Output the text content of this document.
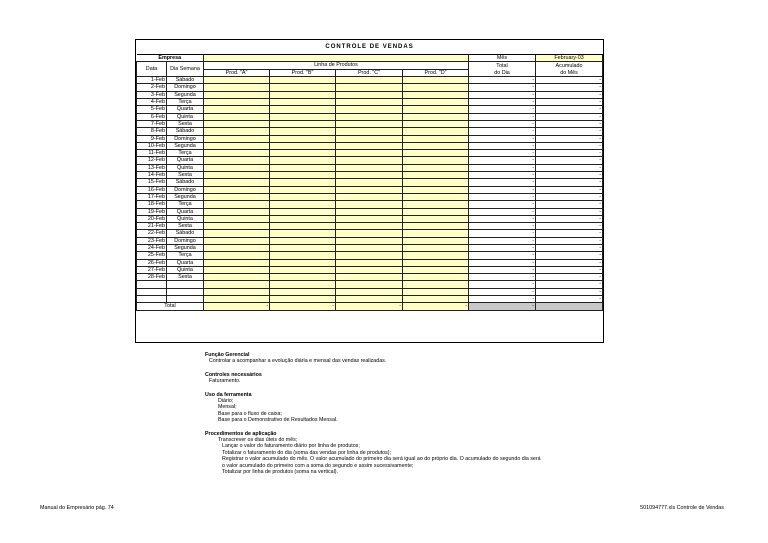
CONTROLE DE VENDAS							
Empresa						Mês	February-03
Data	Dia Semana	Linha de Produtos				Total	Acumulado
		Prod. "A"	Prod. "B"	Prod. "C"	Prod. "D"	do Dia	do Mês
1-Feb	Sábado					-	-
2-Feb	Domingo					-	-
3-Feb	Segunda					-	-
4-Feb	Terça					-	-
5-Feb	Quarta					-	-
6-Feb	Quinta					-	-
7-Feb	Sexta					-	-
8-Feb	Sábado					-	-
9-Feb	Domingo					-	-
10-Feb	Segunda					-	-
11-Feb	Terça					-	-
12-Feb	Quarta					-	-
13-Feb	Quinta					-	-
14-Feb	Sexta					-	-
15-Feb	Sábado					-	-
16-Feb	Domingo					-	-
17-Feb	Segunda					-	-
18-Feb	Terça					-	-
19-Feb	Quarta					-	-
20-Feb	Quinta					-	-
21-Feb	Sexta					-	-
22-Feb	Sábado					-	-
23-Feb	Domingo					-	-
24-Feb	Segunda					-	-
25-Feb	Terça					-	-
26-Feb	Quarta					-	-
27-Feb	Quinta					-	-
28-Feb	Sexta					-	-
						-	-
						-	-
						-	-
Total		-	-	-	-	-	
Função Gerencial
Controlar a acompanhar a evolução diária e mensal das vendas realizadas.
Controles necessários
Faturamento.
Uso da ferramenta
Diário;
Mensal;
Base para o fluxo de caixa;
Base para o Demonstrativo de Resultados Mensal.
Procedimentos de aplicação
Transcrever os dias úteis do mês;
Lançar o valor do faturamento diário por linha de produtos;
Totalizar o faturamento do dia (soma das vendas por linha de produtos);
Registrar o valor acumulado do mês. O valor acumulado do primeiro dia será igual ao do próprio dia. O acumulado do segundo dia será
o valor acumulado do primeiro com a soma do segundo e assim sucessivamente;
Totalizar por linha de produtos (soma na vertical).
Manual do Empresário pág. 74	501094777.xls Controle de Vendas
